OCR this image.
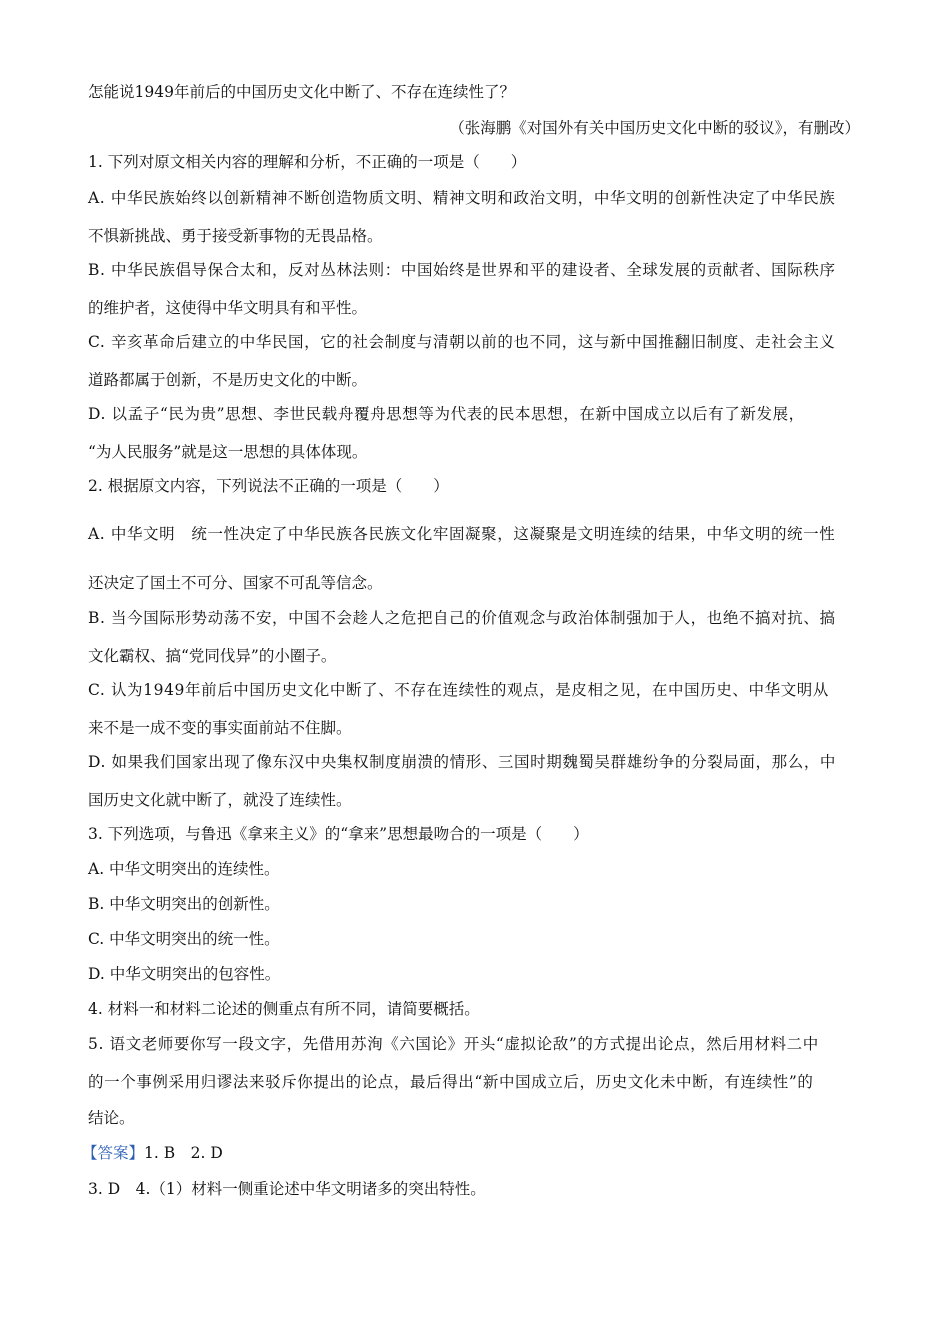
怎能说1949年前后的中国历史文化中断了、不存在连续性了？
（张海鹏《对国外有关中国历史文化中断的驳议》，有删改）
1. 下列对原文相关内容的理解和分析，不正确的一项是（　　）
A. 中华民族始终以创新精神不断创造物质文明、精神文明和政治文明，中华文明的创新性决定了中华民族
不惧新挑战、勇于接受新事物的无畏品格。
B. 中华民族倡导保合太和，反对丛林法则：中国始终是世界和平的建设者、全球发展的贡献者、国际秩序
的维护者，这使得中华文明具有和平性。
C. 辛亥革命后建立的中华民国，它的社会制度与清朝以前的也不同，这与新中国推翻旧制度、走社会主义
道路都属于创新，不是历史文化的中断。
D. 以孟子“民为贵”思想、李世民载舟覆舟思想等为代表的民本思想，在新中国成立以后有了新发展，
“为人民服务”就是这一思想的具体体现。
2. 根据原文内容，下列说法不正确的一项是（　　）
A. 中华文明　统一性决定了中华民族各民族文化牢固凝聚，这凝聚是文明连续的结果，中华文明的统一性
还决定了国土不可分、国家不可乱等信念。
B. 当今国际形势动荡不安，中国不会趁人之危把自己的价值观念与政治体制强加于人，也绝不搞对抗、搞
文化霸权、搞“党同伐异”的小圈子。
C. 认为1949年前后中国历史文化中断了、不存在连续性的观点，是皮相之见，在中国历史、中华文明从
来不是一成不变的事实面前站不住脚。
D. 如果我们国家出现了像东汉中央集权制度崩溃的情形、三国时期魏蜀吴群雄纷争的分裂局面，那么，中
国历史文化就中断了，就没了连续性。
3. 下列选项，与鲁迅《拿来主义》的“拿来”思想最吻合的一项是（　　）
A. 中华文明突出的连续性。
B. 中华文明突出的创新性。
C. 中华文明突出的统一性。
D. 中华文明突出的包容性。
4. 材料一和材料二论述的侧重点有所不同，请简要概括。
5. 语文老师要你写一段文字，先借用苏洵《六国论》开头“虚拟论敌”的方式提出论点，然后用材料二中
的一个事例采用归谬法来驳斥你提出的论点，最后得出“新中国成立后，历史文化未中断，有连续性”的
结论。
【答案】1. B　2. D
3. D　4.（1）材料一侧重论述中华文明诸多的突出特性。
